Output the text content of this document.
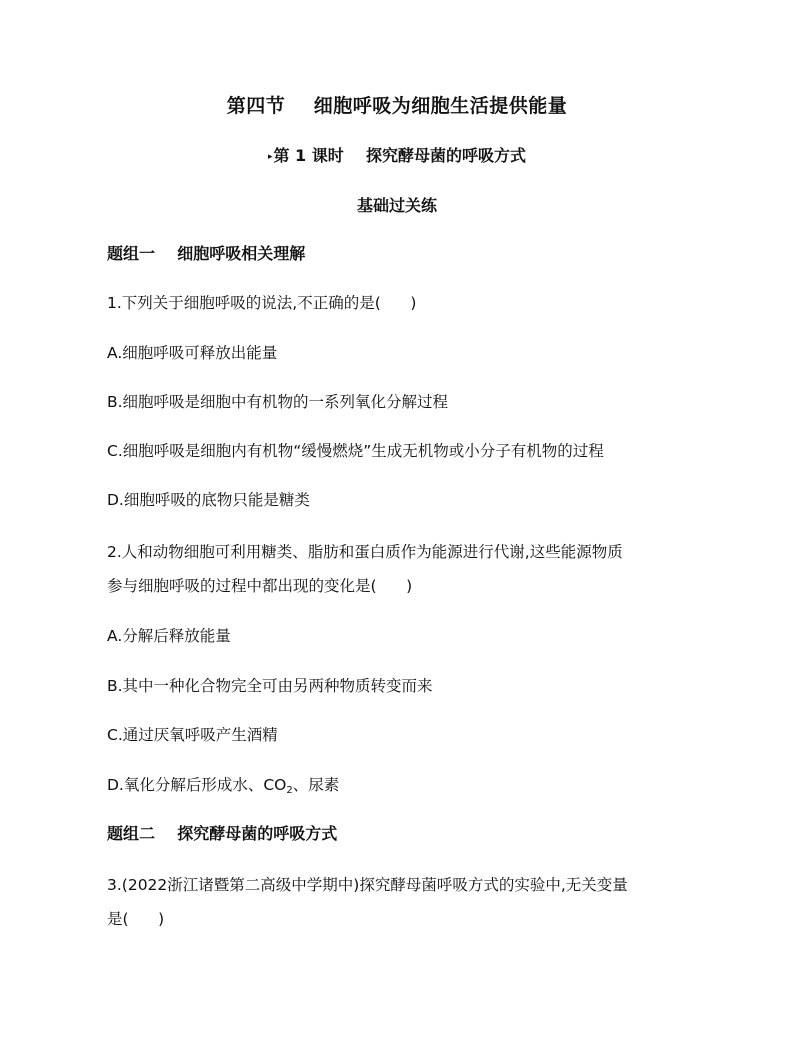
第四节    细胞呼吸为细胞生活提供能量
▸第 1 课时    探究酵母菌的呼吸方式
基础过关练
题组一    细胞呼吸相关理解
1.下列关于细胞呼吸的说法,不正确的是(      )
A.细胞呼吸可释放出能量
B.细胞呼吸是细胞中有机物的一系列氧化分解过程
C.细胞呼吸是细胞内有机物“缓慢燃烧”生成无机物或小分子有机物的过程
D.细胞呼吸的底物只能是糖类
2.人和动物细胞可利用糖类、脂肪和蛋白质作为能源进行代谢,这些能源物质
参与细胞呼吸的过程中都出现的变化是(      )
A.分解后释放能量
B.其中一种化合物完全可由另两种物质转变而来
C.通过厌氧呼吸产生酒精
D.氧化分解后形成水、$CO_2$、尿素
题组二    探究酵母菌的呼吸方式
3.(2022浙江诸暨第二高级中学期中)探究酵母菌呼吸方式的实验中,无关变量
是(      )
